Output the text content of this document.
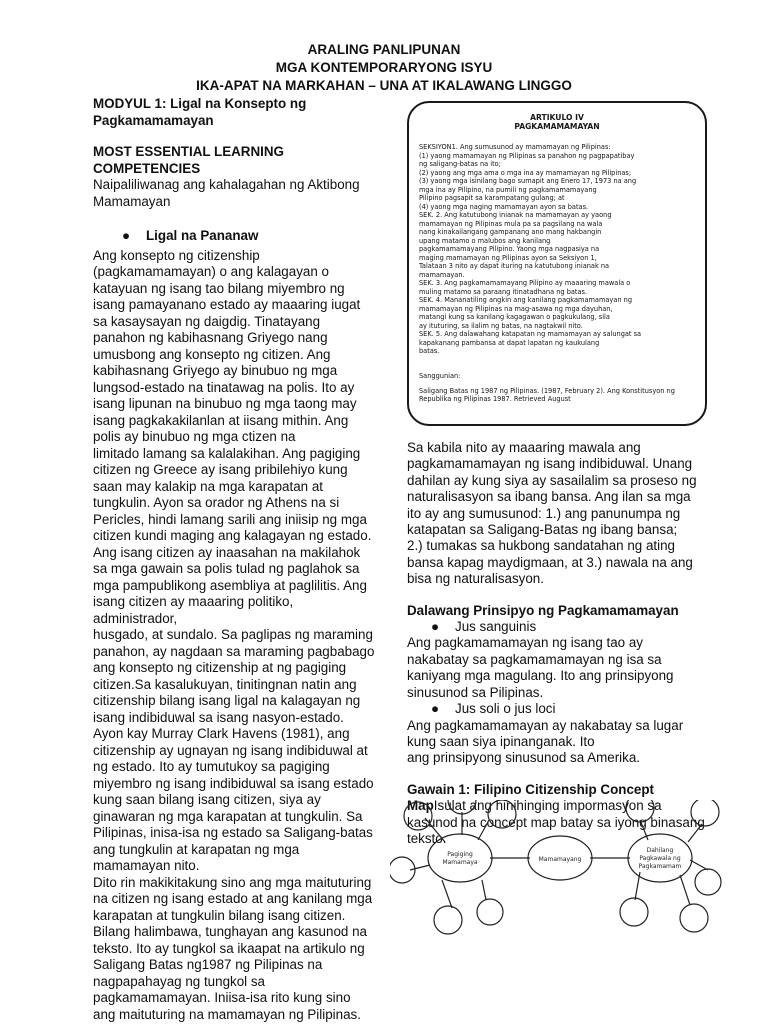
ARALING PANLIPUNAN
MGA KONTEMPORARYONG ISYU
IKA-APAT NA MARKAHAN – UNA AT IKALAWANG LINGGO

MODYUL 1: Ligal na Konsepto ng Pagkamamamayan

MOST ESSENTIAL LEARNING COMPETENCIES

Naipaliliwanag ang kahalagahan ng Aktibong Mamamayan

● Ligal na Pananaw

Ang konsepto ng citizenship (pagkamamamayan) o ang kalagayan o katayuan ng isang tao bilang miyembro ng isang pamayanano estado ay maaaring iugat sa kasaysayan ng daigdig. Tinatayang panahon ng kabihasnang Griyego nang umusbong ang konsepto ng citizen. Ang kabihasnang Griyego ay binubuo ng mga lungsod-estado na tinatawag na polis. Ito ay isang lipunan na binubuo ng mga taong may isang pagkakakilanlan at iisang mithin. Ang polis ay binubuo ng mga ctizen na

limitado lamang sa kalalakihan. Ang pagiging citizen ng Greece ay isang pribilehiyo kung saan may kalakip na mga karapatan at tungkulin. Ayon sa orador ng Athens na si Pericles, hindi lamang sarili ang iniisip ng mga citizen kundi maging ang kalagayan ng estado. Ang isang citizen ay inaasahan na makilahok sa mga gawain sa polis tulad ng paglahok sa mga pampublikong asembliya at paglilitis. Ang isang citizen ay maaaring politiko, administrador,

husgado, at sundalo. Sa paglipas ng maraming panahon, ay nagdaan sa maraming pagbabago ang konsepto ng citizenship at ng pagiging citizen.Sa kasalukuyan, tinitingnan natin ang citizenship bilang isang ligal na kalagayan ng isang indibiduwal sa isang nasyon-estado. Ayon kay Murray Clark Havens (1981), ang citizenship ay ugnayan ng isang indibiduwal at ng estado. Ito ay tumutukoy sa pagiging miyembro ng isang indibiduwal sa isang estado kung saan bilang isang citizen, siya ay ginawaran ng mga karapatan at tungkulin. Sa Pilipinas, inisa-isa ng estado sa Saligang-batas ang tungkulin at karapatan ng mga mamamayan nito.

Dito rin makikitakung sino ang mga maituturing na citizen ng isang estado at ang kanilang mga karapatan at tungkulin bilang isang citizen.

Bilang halimbawa, tunghayan ang kasunod na teksto. Ito ay tungkol sa ikaapat na artikulo ng Saligang Batas ng1987 ng Pilipinas na nagpapahayag ng tungkol sa pagkamamamayan. Iniisa-isa rito kung sino ang maituturing na mamamayan ng Pilipinas.

ARTIKULO IV
PAGKAMAMAMAYAN

SEKSIYON1. Ang sumusunod ay mamamayan ng Pilipinas:

(1) yaong mamamayan ng Pilipinas sa panahon ng pagpapatibay

ng saligang-batas na ito;

(2) yaong ang mga ama o mga ina ay mamamayan ng Pilipinas;

(3) yaong mga isinilang bago sumapit ang Enero 17, 1973 na ang

mga ina ay Pilipino, na pumili ng pagkamamamayang

Pilipino pagsapit sa karampatang gulang; at

(4) yaong mga naging mamamayan ayon sa batas.

SEK. 2. Ang katutubong inianak na mamamayan ay yaong

mamamayan ng Pilipinas mula pa sa pagsilang na wala

nang kinakailangang gampanang ano mang hakbangin

upang matamo o malubos ang kanilang

pagkamamamayang Pilipino. Yaong mga nagpasiya na

maging mamamayan ng Pilipinas ayon sa Seksiyon 1,

Talataan 3 nito ay dapat ituring na katutubong inianak na

mamamayan.

SEK. 3. Ang pagkamamamayang Pilipino ay maaaring mawala o

muling matamo sa paraang itinatadhana ng batas.

SEK. 4. Mananatiling angkin ang kanilang pagkamamamayan ng

mamamayan ng Pilipinas na mag-asawa ng mga dayuhan,

matangi kung sa kanilang kagagawan o pagkukulang, sila

ay ituturing, sa ilalim ng batas, na nagtakwil nito.

SEK. 5. Ang dalawahang katapatan ng mamamayan ay salungat sa

kapakanang pambansa at dapat lapatan ng kaukulang

batas.

Sanggunian:

Saligang Batas ng 1987 ng Pilipinas. (1987, February 2). Ang Konstitusyon ng Republika ng Pilipinas 1987. Retrieved August

Sa kabila nito ay maaaring mawala ang pagkamamamayan ng isang indibiduwal. Unang dahilan ay kung siya ay sasailalim sa proseso ng naturalisasyon sa ibang bansa. Ang ilan sa mga ito ay ang sumusunod: 1.) ang panunumpa ng katapatan sa Saligang-Batas ng ibang bansa;

2.) tumakas sa hukbong sandatahan ng ating bansa kapag maydigmaan, at 3.) nawala na ang bisa ng naturalisasyon.

Dalawang Prinsipyo ng Pagkamamamayan

● Jus sanguinis

Ang pagkamamamayan ng isang tao ay nakabatay sa pagkamamamayan ng isa sa kaniyang mga magulang. Ito ang prinsipyong sinusunod sa Pilipinas.

● Jus soli o jus loci

Ang pagkamamamayan ay nakabatay sa lugar kung saan siya ipinanganak. Ito

ang prinsipyong sinusunod sa Amerika.

Gawain 1: Filipino Citizenship Concept MapIsulat ang hinihinging impormasyon sa kasunod na concept map batay sa iyong binasang teksto.

Pagiging
Mamamaya	Mamamayang
Dahilang
Pagkawala ng
Pagkamamam
